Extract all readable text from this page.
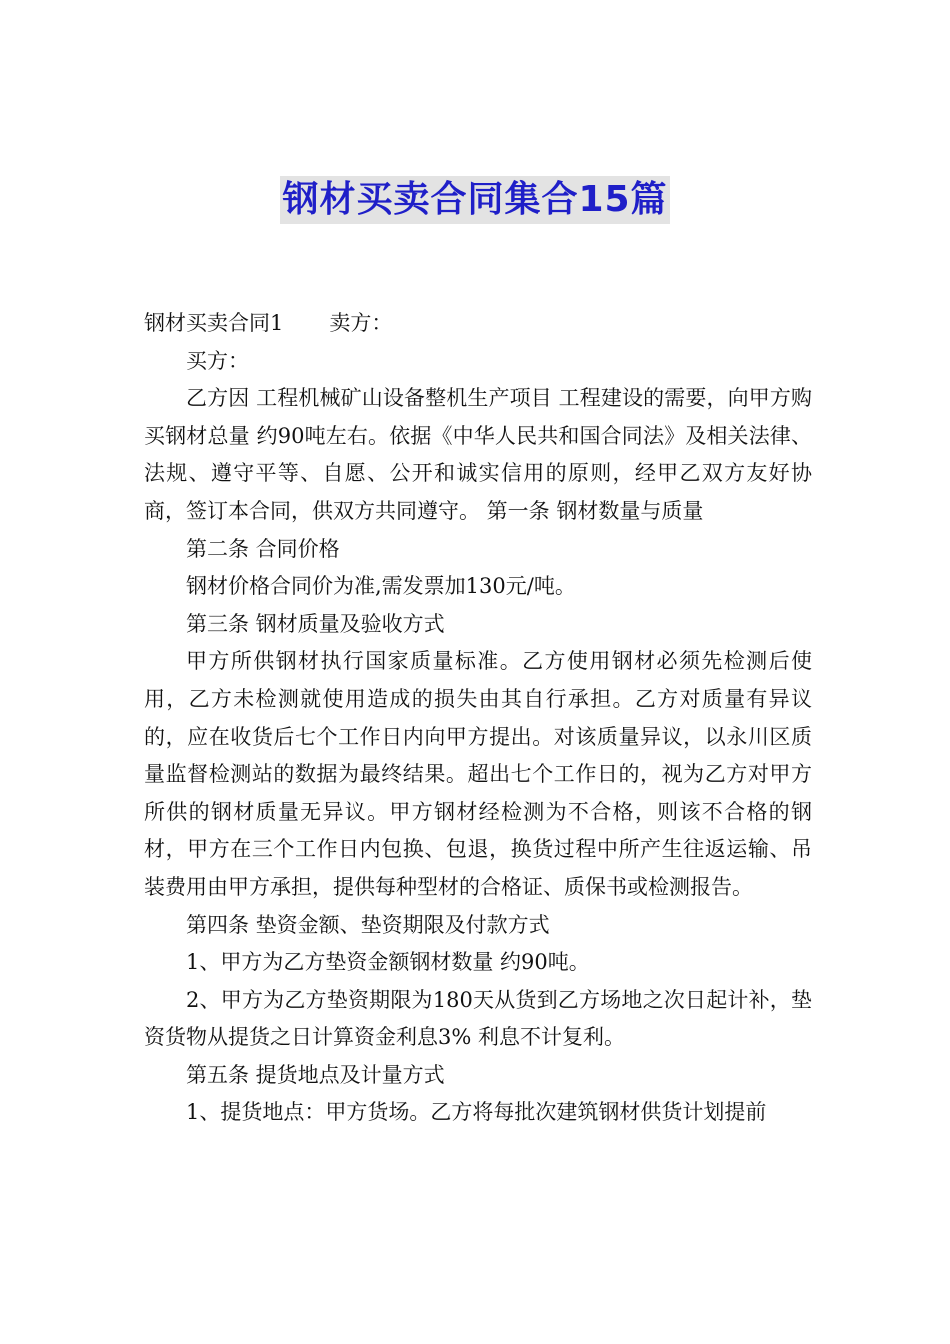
钢材买卖合同集合15篇

钢材买卖合同1 卖方：

买方：

乙方因 工程机械矿山设备整机生产项目 工程建设的需要，向甲方购买钢材总量 约90吨左右。依据《中华人民共和国合同法》及相关法律、法规、遵守平等、自愿、公开和诚实信用的原则，经甲乙双方友好协商，签订本合同，供双方共同遵守。 第一条 钢材数量与质量

第二条 合同价格

钢材价格合同价为准,需发票加130元/吨。

第三条 钢材质量及验收方式

甲方所供钢材执行国家质量标准。乙方使用钢材必须先检测后使用，乙方未检测就使用造成的损失由其自行承担。乙方对质量有异议的，应在收货后七个工作日内向甲方提出。对该质量异议，以永川区质量监督检测站的数据为最终结果。超出七个工作日的，视为乙方对甲方所供的钢材质量无异议。甲方钢材经检测为不合格，则该不合格的钢材，甲方在三个工作日内包换、包退，换货过程中所产生往返运输、吊装费用由甲方承担，提供每种型材的合格证、质保书或检测报告。

第四条 垫资金额、垫资期限及付款方式

1、甲方为乙方垫资金额钢材数量 约90吨。

2、甲方为乙方垫资期限为180天从货到乙方场地之次日起计补，垫资货物从提货之日计算资金利息3% 利息不计复利。

第五条 提货地点及计量方式

1、提货地点：甲方货场。乙方将每批次建筑钢材供货计划提前
